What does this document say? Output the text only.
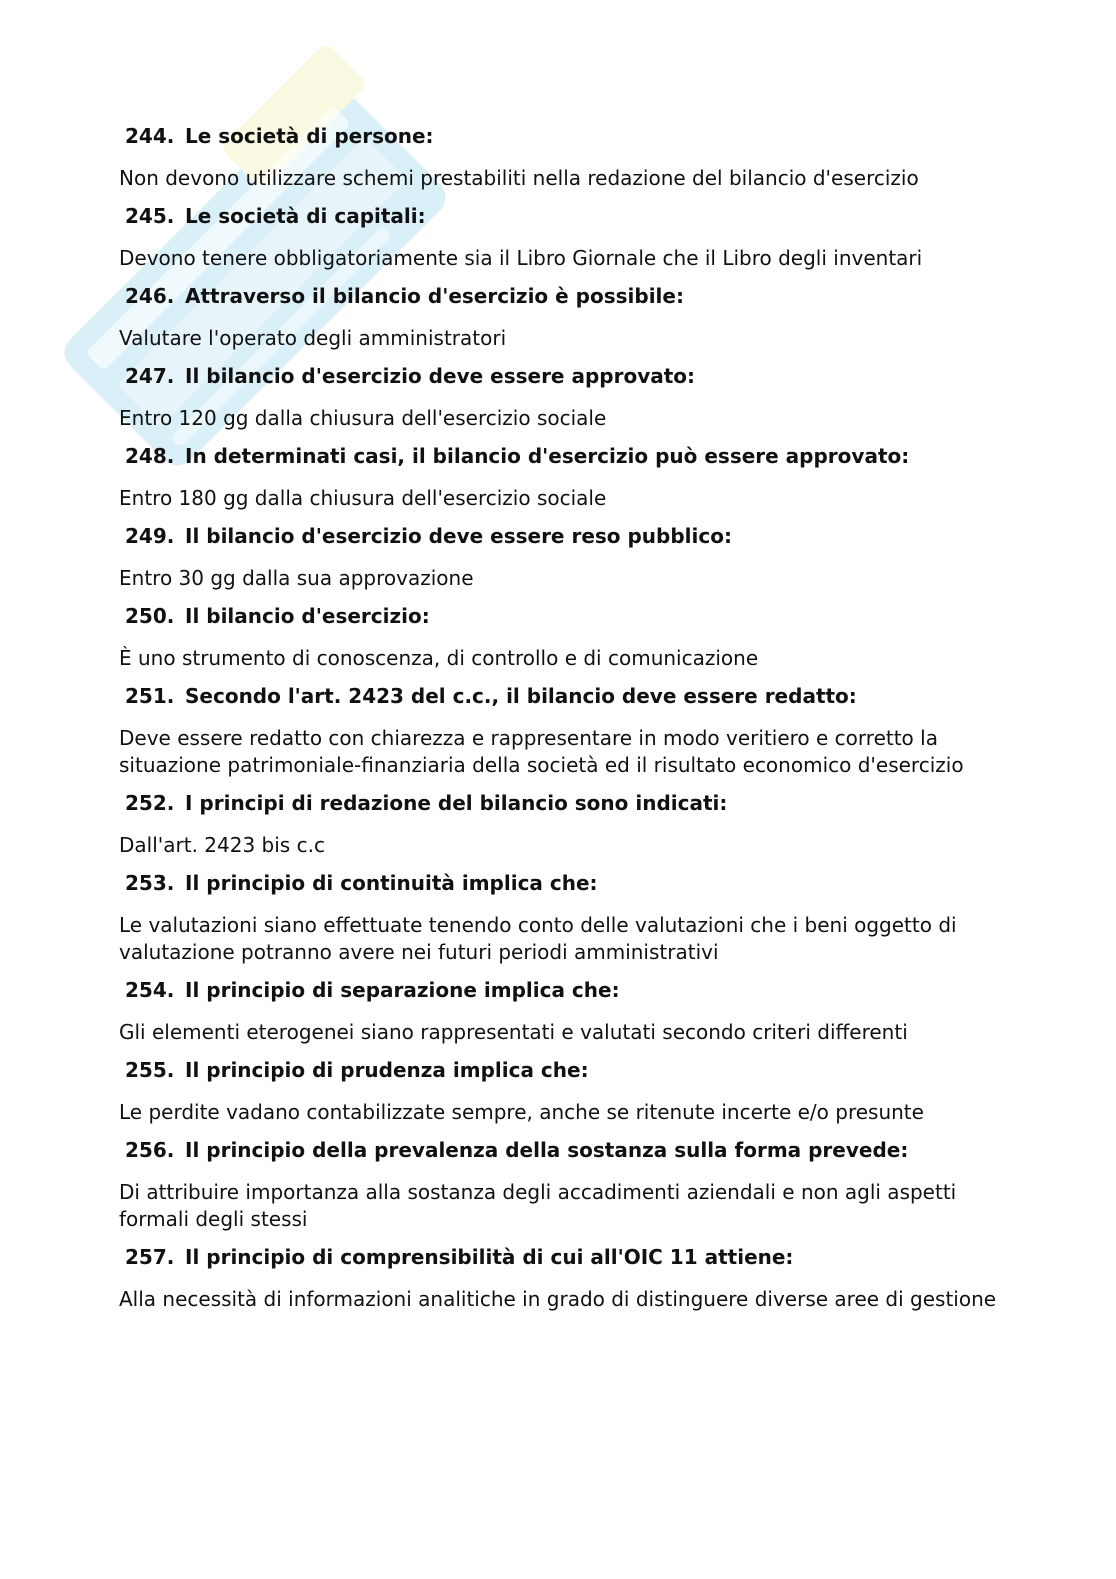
244. Le società di persone:
Non devono utilizzare schemi prestabiliti nella redazione del bilancio d'esercizio
245. Le società di capitali:
Devono tenere obbligatoriamente sia il Libro Giornale che il Libro degli inventari
246. Attraverso il bilancio d'esercizio è possibile:
Valutare l'operato degli amministratori
247. Il bilancio d'esercizio deve essere approvato:
Entro 120 gg dalla chiusura dell'esercizio sociale
248. In determinati casi, il bilancio d'esercizio può essere approvato:
Entro 180 gg dalla chiusura dell'esercizio sociale
249. Il bilancio d'esercizio deve essere reso pubblico:
Entro 30 gg dalla sua approvazione
250. Il bilancio d'esercizio:
È uno strumento di conoscenza, di controllo e di comunicazione
251. Secondo l'art. 2423 del c.c., il bilancio deve essere redatto:
Deve essere redatto con chiarezza e rappresentare in modo veritiero e corretto la situazione patrimoniale-finanziaria della società ed il risultato economico d'esercizio
252. I principi di redazione del bilancio sono indicati:
Dall'art. 2423 bis c.c
253. Il principio di continuità implica che:
Le valutazioni siano effettuate tenendo conto delle valutazioni che i beni oggetto di valutazione potranno avere nei futuri periodi amministrativi
254. Il principio di separazione implica che:
Gli elementi eterogenei siano rappresentati e valutati secondo criteri differenti
255. Il principio di prudenza implica che:
Le perdite vadano contabilizzate sempre, anche se ritenute incerte e/o presunte
256. Il principio della prevalenza della sostanza sulla forma prevede:
Di attribuire importanza alla sostanza degli accadimenti aziendali e non agli aspetti formali degli stessi
257. Il principio di comprensibilità di cui all'OIC 11 attiene:
Alla necessità di informazioni analitiche in grado di distinguere diverse aree di gestione
